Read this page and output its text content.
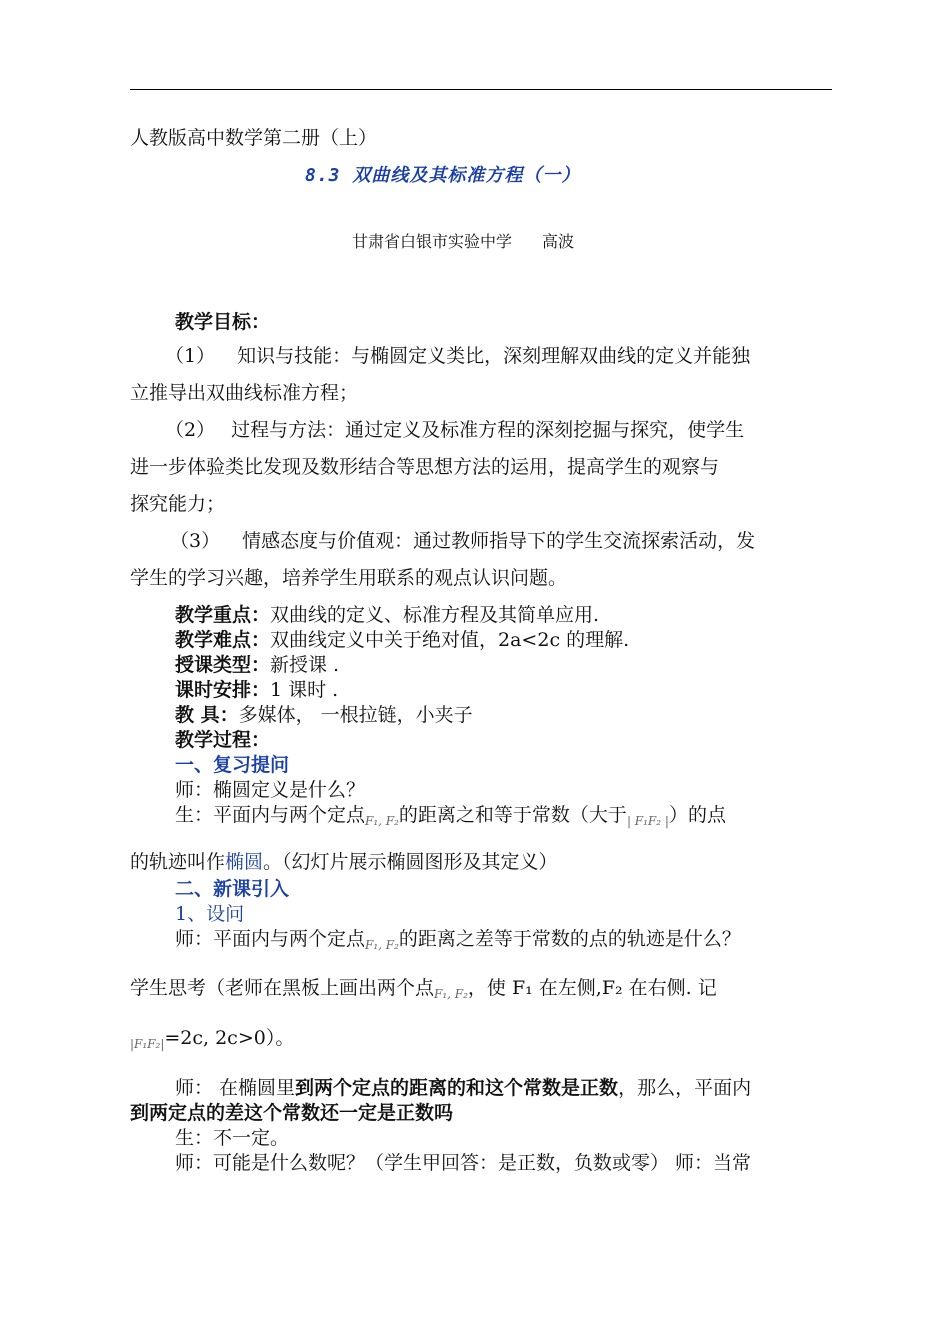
人教版高中数学第二册（上）
8.3 双曲线及其标准方程（一）
甘肃省白银市实验中学 高波
教学目标：
（1） 知识与技能：与椭圆定义类比，深刻理解双曲线的定义并能独
立推导出双曲线标准方程；
（2） 过程与方法：通过定义及标准方程的深刻挖掘与探究，使学生
进一步体验类比发现及数形结合等思想方法的运用，提高学生的观察与
探究能力；
（3） 情感态度与价值观：通过教师指导下的学生交流探索活动，发
学生的学习兴趣，培养学生用联系的观点认识问题。
教学重点：双曲线的定义、标准方程及其简单应用.
教学难点：双曲线定义中关于绝对值，2a<2c 的理解.
授课类型：新授课 .
课时安排：1 课时 .
教 具：多媒体， 一根拉链，小夹子
教学过程：
一、复习提问
师：椭圆定义是什么？
生：平面内与两个定点$_{F_1, F_2}$的距离之和等于常数（大于$_{| F_1F_2 |}$）的点
的轨迹叫作椭圆。（幻灯片展示椭圆图形及其定义）
二、新课引入
1、设问
师：平面内与两个定点$_{F_1, F_2}$的距离之差等于常数的点的轨迹是什么？
学生思考（老师在黑板上画出两个点$_{F_1, F_2}$，使 F₁ 在左侧,F₂ 在右侧. 记
$_{|F_1F_2|}$=2c, 2c>0）。
师： 在椭圆里到两个定点的距离的和这个常数是正数，那么，平面内
到两定点的差这个常数还一定是正数吗
生：不一定。
师：可能是什么数呢？（学生甲回答：是正数，负数或零） 师：当常
